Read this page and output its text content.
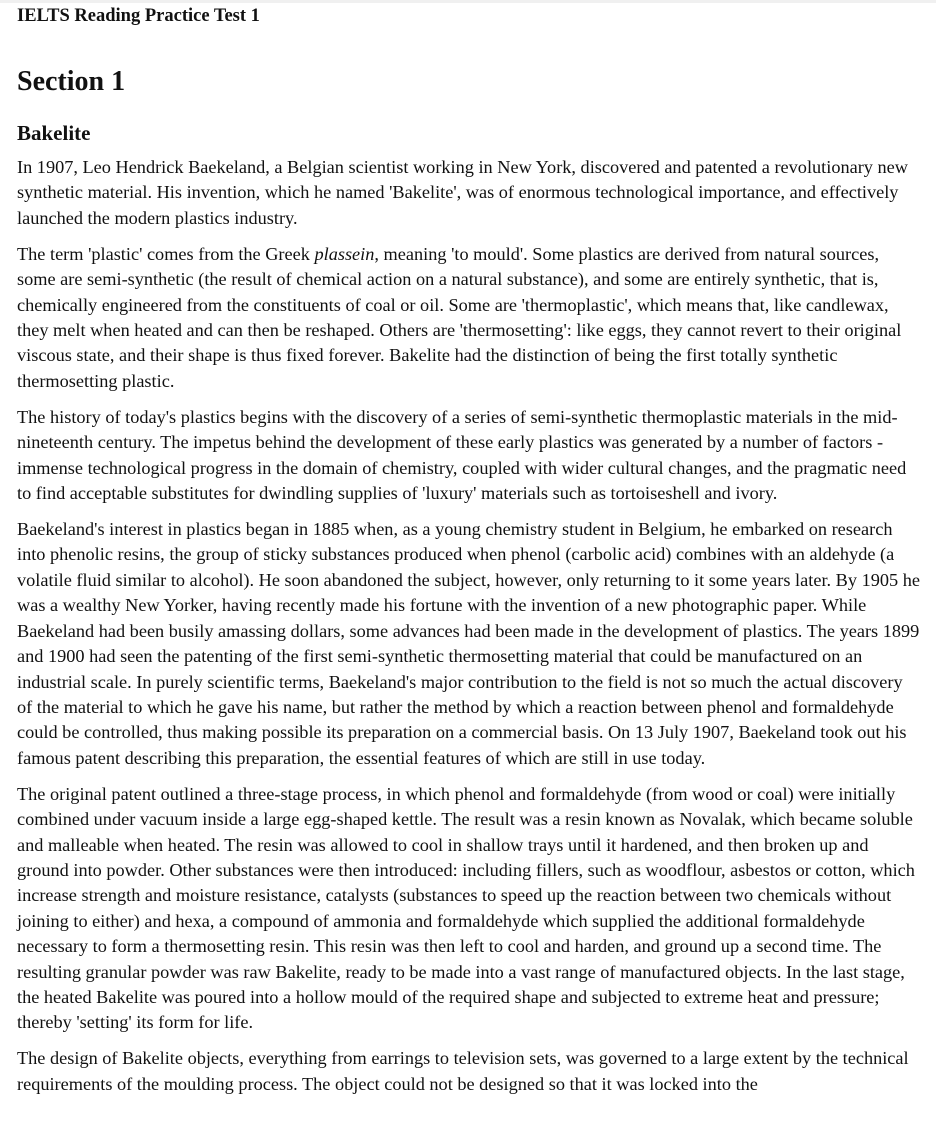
IELTS Reading Practice Test 1
Section 1
Bakelite

In 1907, Leo Hendrick Baekeland, a Belgian scientist working in New York, discovered and patented a revolutionary new synthetic material. His invention, which he named 'Bakelite', was of enormous technological importance, and effectively launched the modern plastics industry.

The term 'plastic' comes from the Greek plassein, meaning 'to mould'. Some plastics are derived from natural sources, some are semi-synthetic (the result of chemical action on a natural substance), and some are entirely synthetic, that is, chemically engineered from the constituents of coal or oil. Some are 'thermoplastic', which means that, like candlewax, they melt when heated and can then be reshaped. Others are 'thermosetting': like eggs, they cannot revert to their original viscous state, and their shape is thus fixed forever. Bakelite had the distinction of being the first totally synthetic thermosetting plastic.

The history of today's plastics begins with the discovery of a series of semi-synthetic thermoplastic materials in the mid-nineteenth century. The impetus behind the development of these early plastics was generated by a number of factors - immense technological progress in the domain of chemistry, coupled with wider cultural changes, and the pragmatic need to find acceptable substitutes for dwindling supplies of 'luxury' materials such as tortoiseshell and ivory.

Baekeland's interest in plastics began in 1885 when, as a young chemistry student in Belgium, he embarked on research into phenolic resins, the group of sticky substances produced when phenol (carbolic acid) combines with an aldehyde (a volatile fluid similar to alcohol). He soon abandoned the subject, however, only returning to it some years later. By 1905 he was a wealthy New Yorker, having recently made his fortune with the invention of a new photographic paper. While Baekeland had been busily amassing dollars, some advances had been made in the development of plastics. The years 1899 and 1900 had seen the patenting of the first semi-synthetic thermosetting material that could be manufactured on an industrial scale. In purely scientific terms, Baekeland's major contribution to the field is not so much the actual discovery of the material to which he gave his name, but rather the method by which a reaction between phenol and formaldehyde could be controlled, thus making possible its preparation on a commercial basis. On 13 July 1907, Baekeland took out his famous patent describing this preparation, the essential features of which are still in use today.

The original patent outlined a three-stage process, in which phenol and formaldehyde (from wood or coal) were initially combined under vacuum inside a large egg-shaped kettle. The result was a resin known as Novalak, which became soluble and malleable when heated. The resin was allowed to cool in shallow trays until it hardened, and then broken up and ground into powder. Other substances were then introduced: including fillers, such as woodflour, asbestos or cotton, which increase strength and moisture resistance, catalysts (substances to speed up the reaction between two chemicals without joining to either) and hexa, a compound of ammonia and formaldehyde which supplied the additional formaldehyde necessary to form a thermosetting resin. This resin was then left to cool and harden, and ground up a second time. The resulting granular powder was raw Bakelite, ready to be made into a vast range of manufactured objects. In the last stage, the heated Bakelite was poured into a hollow mould of the required shape and subjected to extreme heat and pressure; thereby 'setting' its form for life.

The design of Bakelite objects, everything from earrings to television sets, was governed to a large extent by the technical requirements of the moulding process. The object could not be designed so that it was locked into the
